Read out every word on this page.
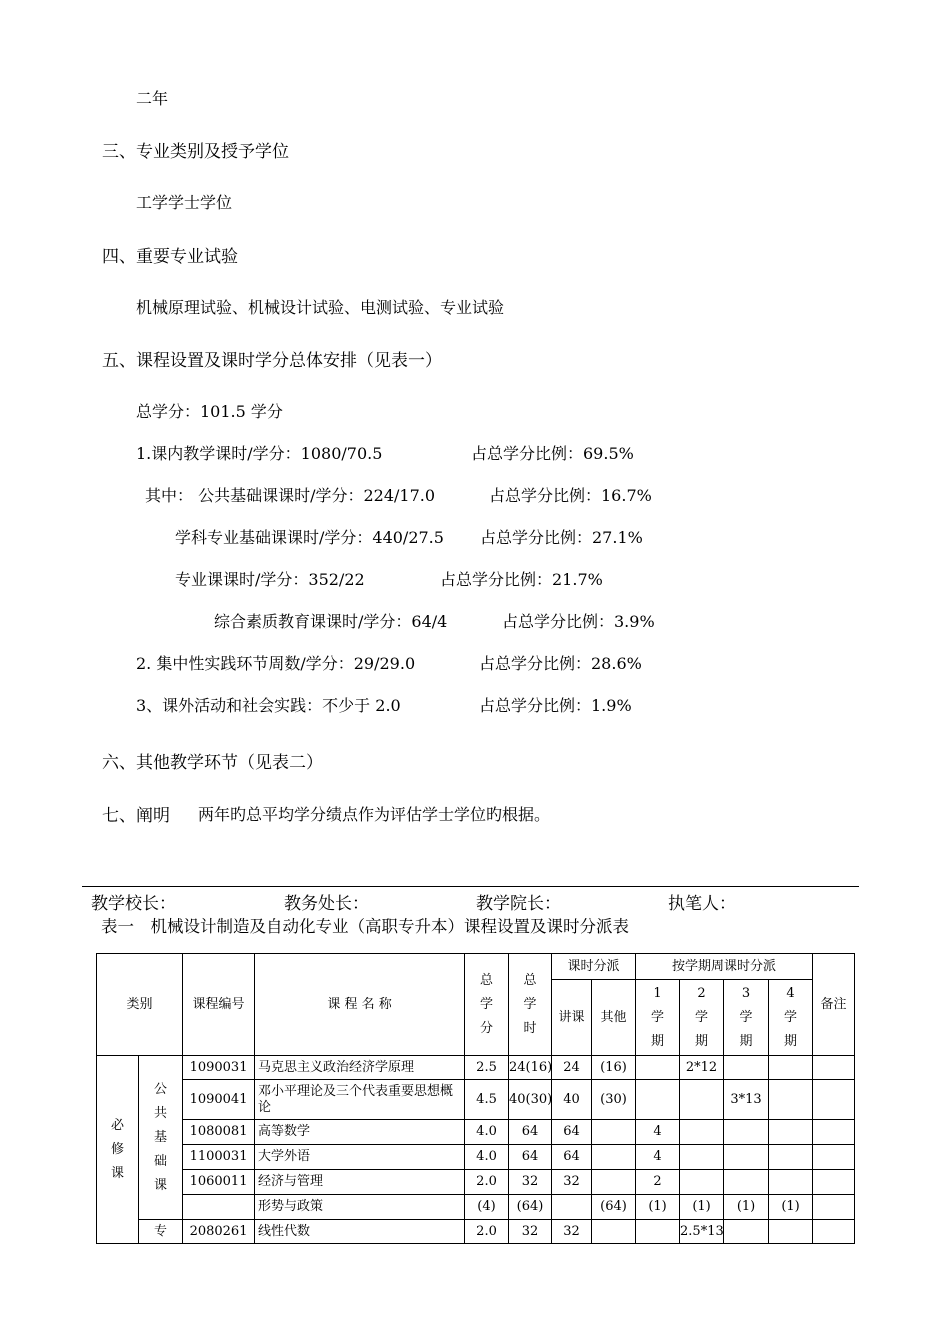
二年
三、专业类别及授予学位
工学学士学位
四、重要专业试验
机械原理试验、机械设计试验、电测试验、专业试验
五、课程设置及课时学分总体安排（见表一）
总学分：101.5 学分
1.课内教学课时/学分：1080/70.5	占总学分比例：69.5%
其中： 公共基础课课时/学分：224/17.0	占总学分比例：16.7%
学科专业基础课课时/学分：440/27.5 占总学分比例：27.1%
专业课课时/学分：352/22	占总学分比例：21.7%
综合素质教育课课时/学分：64/4	占总学分比例：3.9%
2. 集中性实践环节周数/学分：29/29.0	占总学分比例：28.6%
3、课外活动和社会实践：不少于 2.0	占总学分比例：1.9%
六、其他教学环节（见表二）
七、阐明 两年旳总平均学分绩点作为评估学士学位旳根据。
教学校长：	教务处长：	教学院长：	执笔人：
表一　机械设计制造及自动化专业（高职专升本）课程设置及课时分派表
类别		课程编号	课 程 名 称	总学分	总学时	课时分派		按学期周课时分派				备注
						讲课	其他	1学期	2学期	3学期	4学期	
必修课	公共基础课	1090031	马克思主义政治经济学原理	2.5	24(16)	24	(16)		2*12			
		1090041	邓小平理论及三个代表重要思想概论	4.5	40(30)	40	(30)			3*13		
		1080081	高等数学	4.0	64	64		4				
		1100031	大学外语	4.0	64	64		4				
		1060011	经济与管理	2.0	32	32		2				
			形势与政策	(4)	(64)		(64)	(1)	(1)	(1)	(1)	
	专	2080261	线性代数	2.0	32	32			2.5*13			
